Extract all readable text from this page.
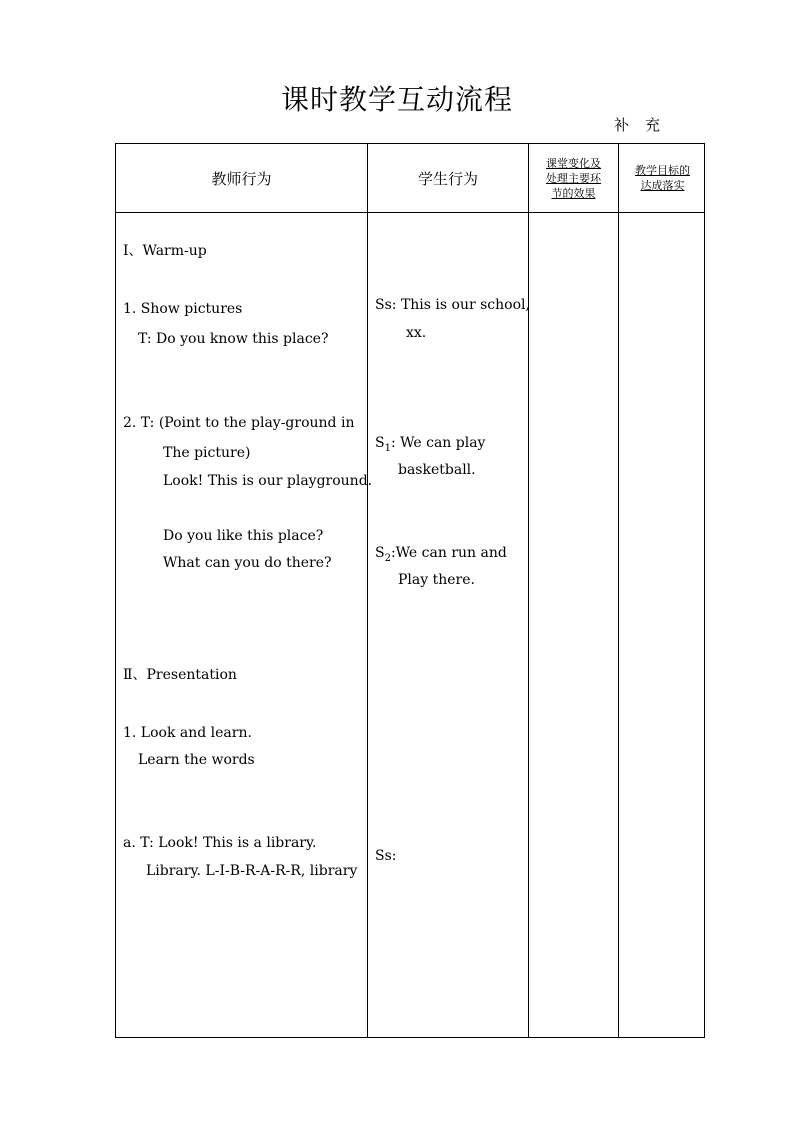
课时教学互动流程
补充
教师行为	学生行为
课堂变化及
处理主要环
节的效果
教学目标的
达成落实
Ⅰ、Warm-up
1. Show pictures
T: Do you know this place?
2. T: (Point to the play-ground in
The picture)
Look! This is our playground.
Do you like this place?
What can you do there?
Ⅱ、Presentation
1. Look and learn.
Learn the words
a. T: Look! This is a library.
Library. L-I-B-R-A-R-R, library
Ss: This is our school,
xx.
$S_1$: We can play
basketball.
$S_2:We$ can run and
Play there.
Ss:
